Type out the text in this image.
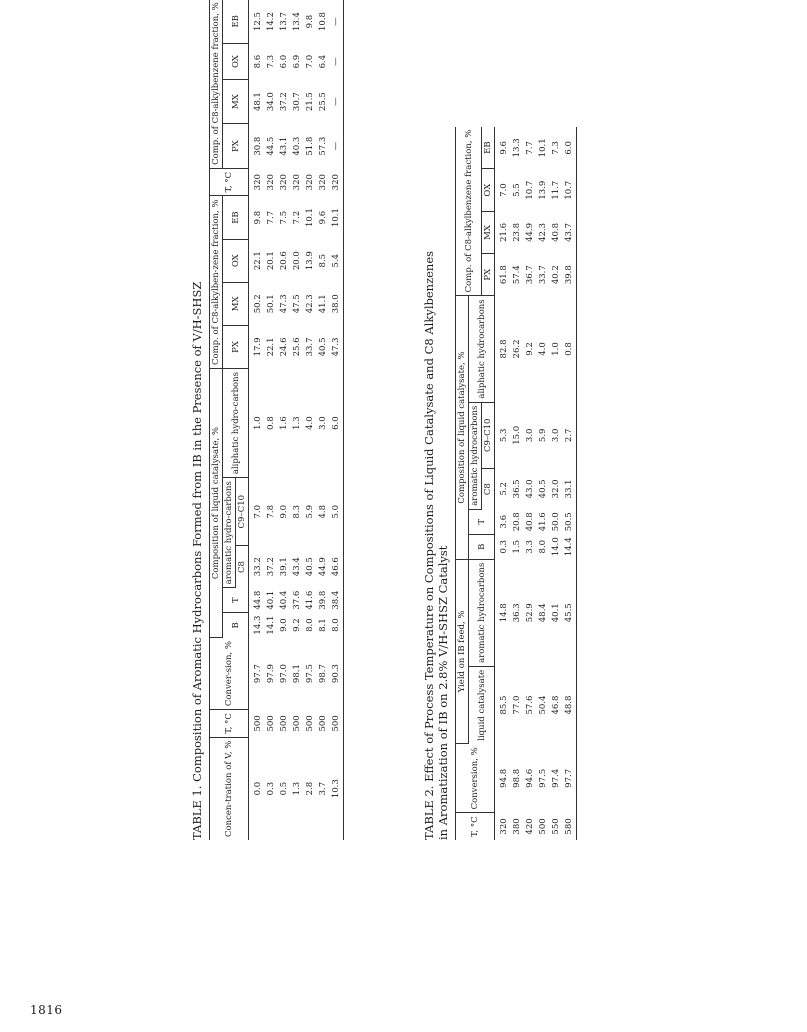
TABLE 1. Composition of Aromatic Hydrocarbons Formed from IB in the Presence of V/H-SHSZ Concen-tration of V, %	T, °C	Conver-sion, %	Composition of liquid catalysate, %					Comp. of C8-alkylben-zene fraction, %				T, °C	Comp. of C8-alkylbenzene fraction, %			
			B	T	aromatic hydro-carbons		aliphatic hydro-carbons	PX	MX	OX	EB		PX	MX	OX	EB
					C8	C9–C10										
0.0	500	97.7	14.3	44.8	33.2	7.0	1.0	17.9	50.2	22.1	9.8	320	30.8	48.1	8.6	12.5
0.3	500	97.9	14.1	40.1	37.2	7.8	0.8	22.1	50.1	20.1	7.7	320	44.5	34.0	7.3	14.2
0.5	500	97.0	9.0	40.4	39.1	9.0	1.6	24.6	47.3	20.6	7.5	320	43.1	37.2	6.0	13.7
1.3	500	98.1	9.2	37.6	43.4	8.3	1.3	25.6	47.5	20.0	7.2	320	40.3	30.7	6.9	13.4
2.8	500	97.5	8.0	41.6	40.5	5.9	4.0	33.7	42.3	13.9	10.1	320	51.8	21.5	7.0	9.8
3.7	500	98.7	8.1	39.8	44.9	4.8	3.0	40.5	41.1	8.5	9.6	320	57.3	25.5	6.4	10.8
10.3	500	90.3	8.0	38.4	46.6	5.0	6.0	47.3	38.0	5.4	10.1	320	—	—	—	—
TABLE 2. Effect of Process Temperature on Compositions of Liquid Catalysate and C8 Alkylbenzenes in Aromatization of IB on 2.8% V/H-SHSZ Catalyst T, °C	Conversion, %	Yield on IB feed, %		Composition of liquid catalysate, %					Comp. of C8-alkylbenzene fraction, %			
		liquid catalysate	aromatic hydrocarbons	B	T	aromatic hydrocarbons		aliphatic hydrocarbons				
						C8	C9–C10		PX	MX	OX	EB
320	94.8	85.5	14.8	0.3	3.6	5.2	5.3	82.8	61.8	21.6	7.0	9.6
380	98.8	77.0	36.3	1.5	20.8	36.5	15.0	26.2	57.4	23.8	5.5	13.3
420	94.6	57.6	52.9	3.3	40.8	43.0	3.0	9.2	36.7	44.9	10.7	7.7
500	97.5	50.4	48.4	8.0	41.6	40.5	5.9	4.0	33.7	42.3	13.9	10.1
550	97.4	46.8	40.1	14.0	50.0	32.0	3.0	1.0	40.2	40.8	11.7	7.3
580	97.7	48.8	45.5	14.4	50.5	33.1	2.7	0.8	39.8	43.7	10.7	6.0
1816
